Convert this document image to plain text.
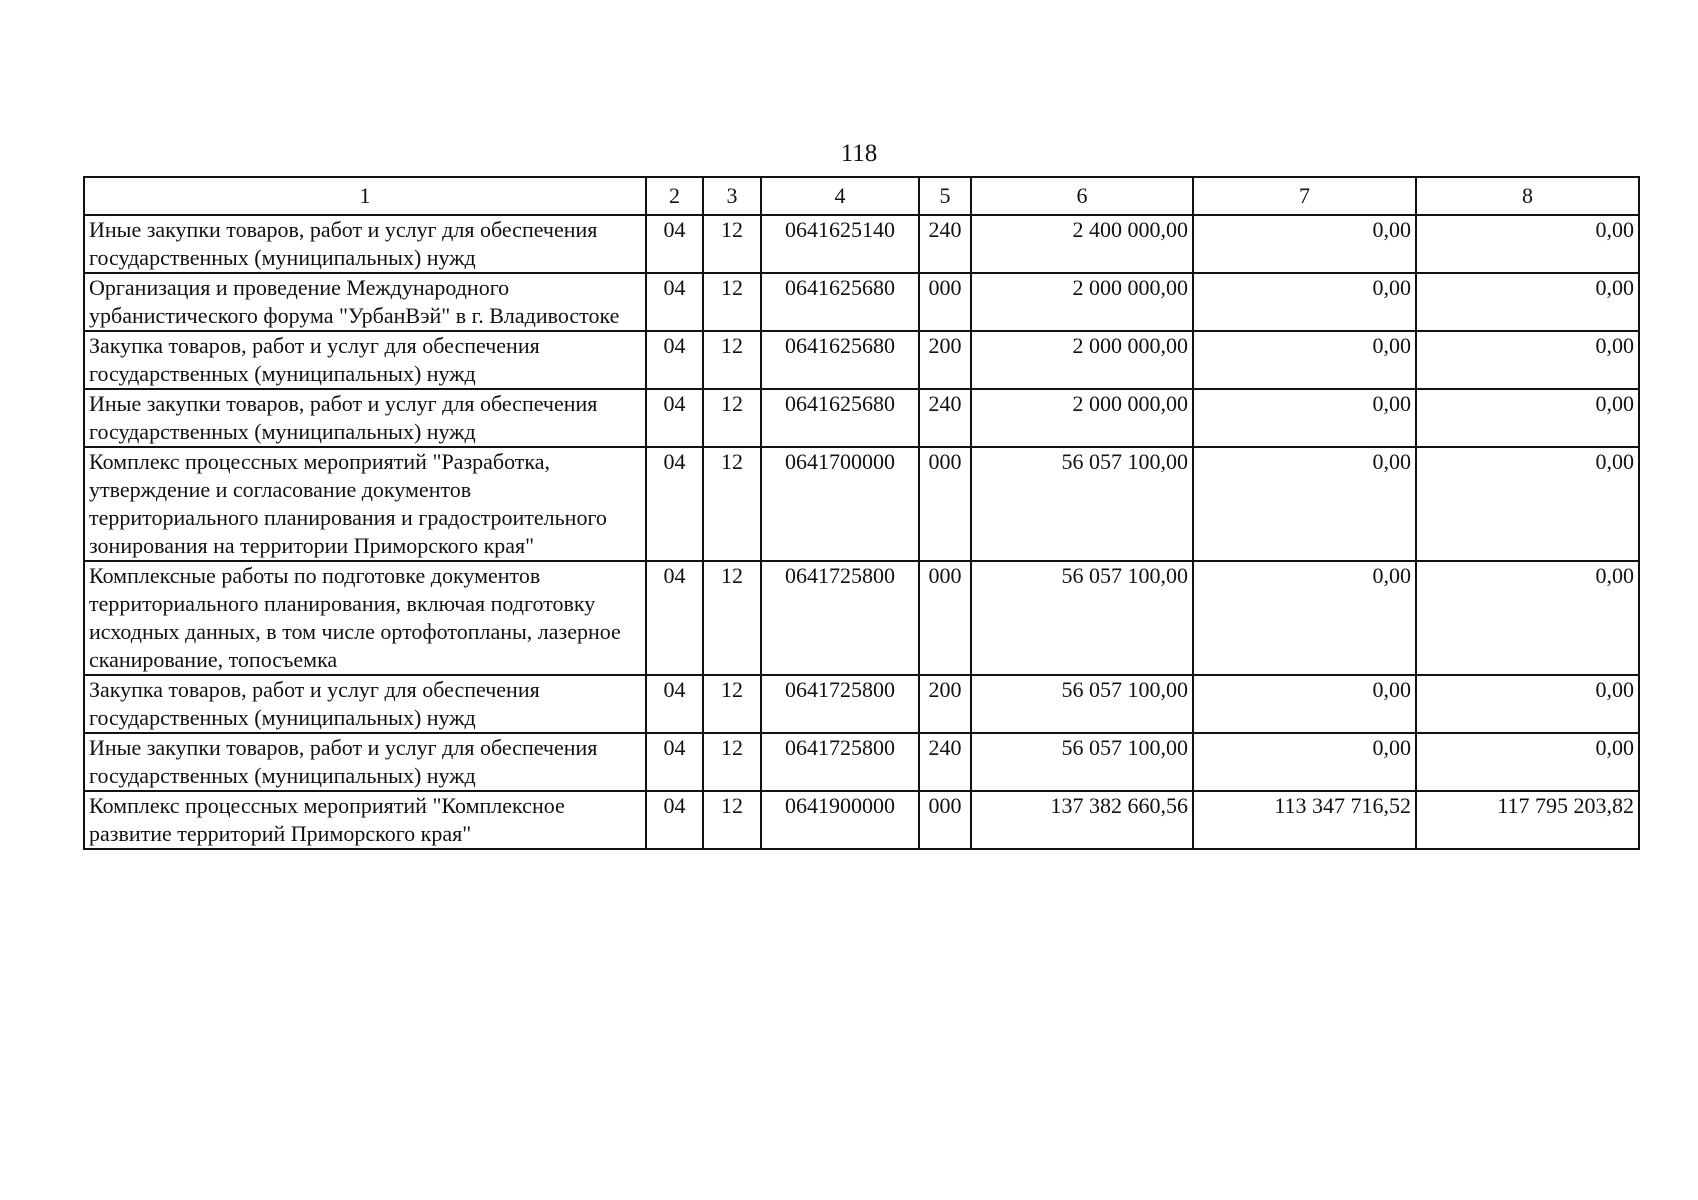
118
1	2	3	4	5	6	7	8
Иные закупки товаров, работ и услуг для обеспечения государственных (муниципальных) нужд	04	12	0641625140	240	2 400 000,00	0,00	0,00
Организация и проведение Международного урбанистического форума "УрбанВэй" в г. Владивостоке	04	12	0641625680	000	2 000 000,00	0,00	0,00
Закупка товаров, работ и услуг для обеспечения государственных (муниципальных) нужд	04	12	0641625680	200	2 000 000,00	0,00	0,00
Иные закупки товаров, работ и услуг для обеспечения государственных (муниципальных) нужд	04	12	0641625680	240	2 000 000,00	0,00	0,00
Комплекс процессных мероприятий "Разработка, утверждение и согласование документов территориального планирования и градостроительного зонирования на территории Приморского края"	04	12	0641700000	000	56 057 100,00	0,00	0,00
Комплексные работы по подготовке документов территориального планирования, включая подготовку исходных данных, в том числе ортофотопланы, лазерное сканирование, топосъемка	04	12	0641725800	000	56 057 100,00	0,00	0,00
Закупка товаров, работ и услуг для обеспечения государственных (муниципальных) нужд	04	12	0641725800	200	56 057 100,00	0,00	0,00
Иные закупки товаров, работ и услуг для обеспечения государственных (муниципальных) нужд	04	12	0641725800	240	56 057 100,00	0,00	0,00
Комплекс процессных мероприятий "Комплексное развитие территорий Приморского края"	04	12	0641900000	000	137 382 660,56	113 347 716,52	117 795 203,82
